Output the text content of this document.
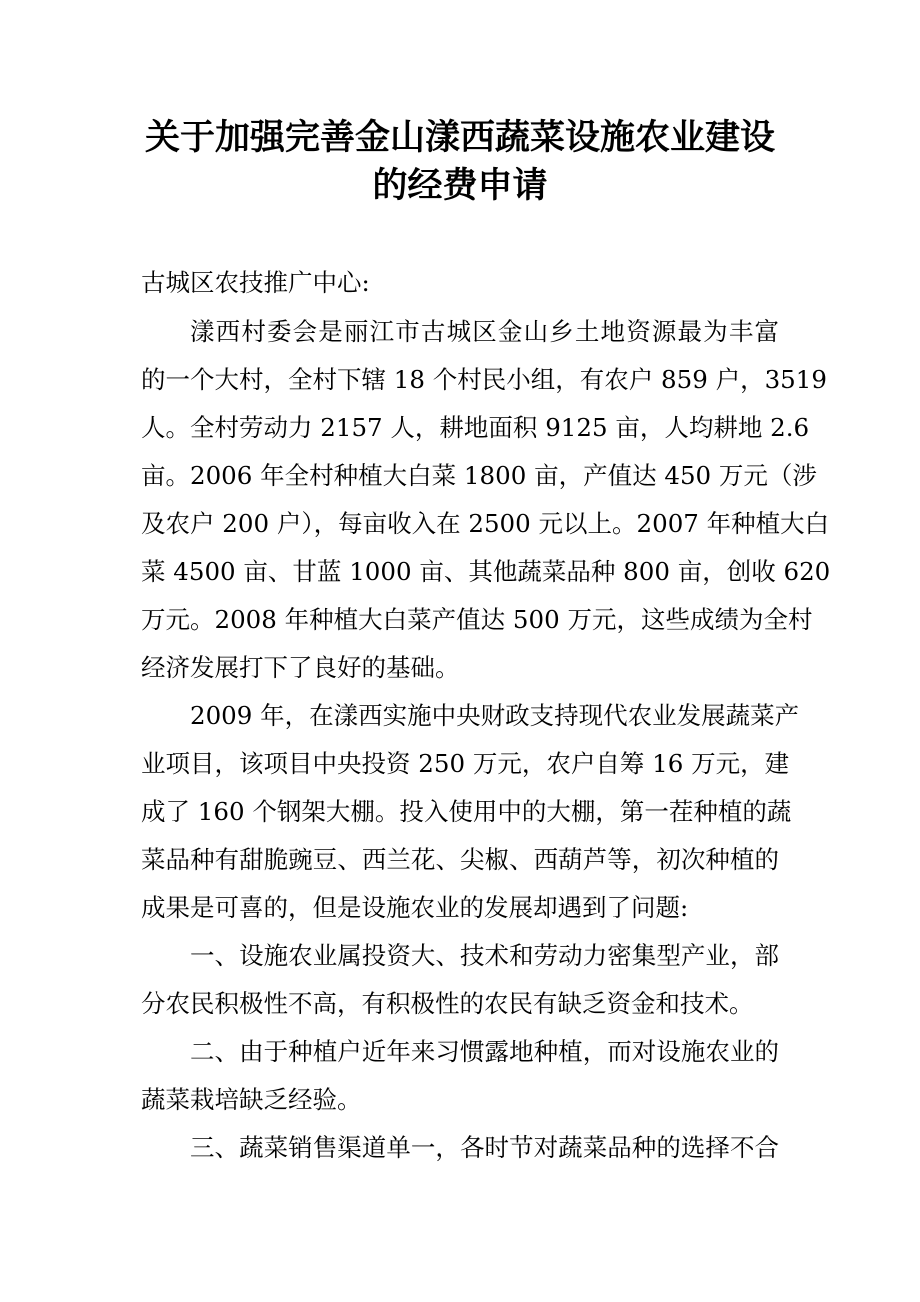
关于加强完善金山漾西蔬菜设施农业建设
的经费申请
古城区农技推广中心:
漾西村委会是丽江市古城区金山乡土地资源最为丰富
的一个大村，全村下辖 18 个村民小组，有农户 859 户，3519
人。全村劳动力 2157 人，耕地面积 9125 亩，人均耕地 2.6
亩。2006 年全村种植大白菜 1800 亩，产值达 450 万元（涉
及农户 200 户），每亩收入在 2500 元以上。2007 年种植大白
菜 4500 亩、甘蓝 1000 亩、其他蔬菜品种 800 亩，创收 620
万元。2008 年种植大白菜产值达 500 万元，这些成绩为全村
经济发展打下了良好的基础。
2009 年，在漾西实施中央财政支持现代农业发展蔬菜产
业项目，该项目中央投资 250 万元，农户自筹 16 万元，建
成了 160 个钢架大棚。投入使用中的大棚，第一茬种植的蔬
菜品种有甜脆豌豆、西兰花、尖椒、西葫芦等，初次种植的
成果是可喜的，但是设施农业的发展却遇到了问题:
一、设施农业属投资大、技术和劳动力密集型产业，部
分农民积极性不高，有积极性的农民有缺乏资金和技术。
二、由于种植户近年来习惯露地种植，而对设施农业的
蔬菜栽培缺乏经验。
三、蔬菜销售渠道单一，各时节对蔬菜品种的选择不合
